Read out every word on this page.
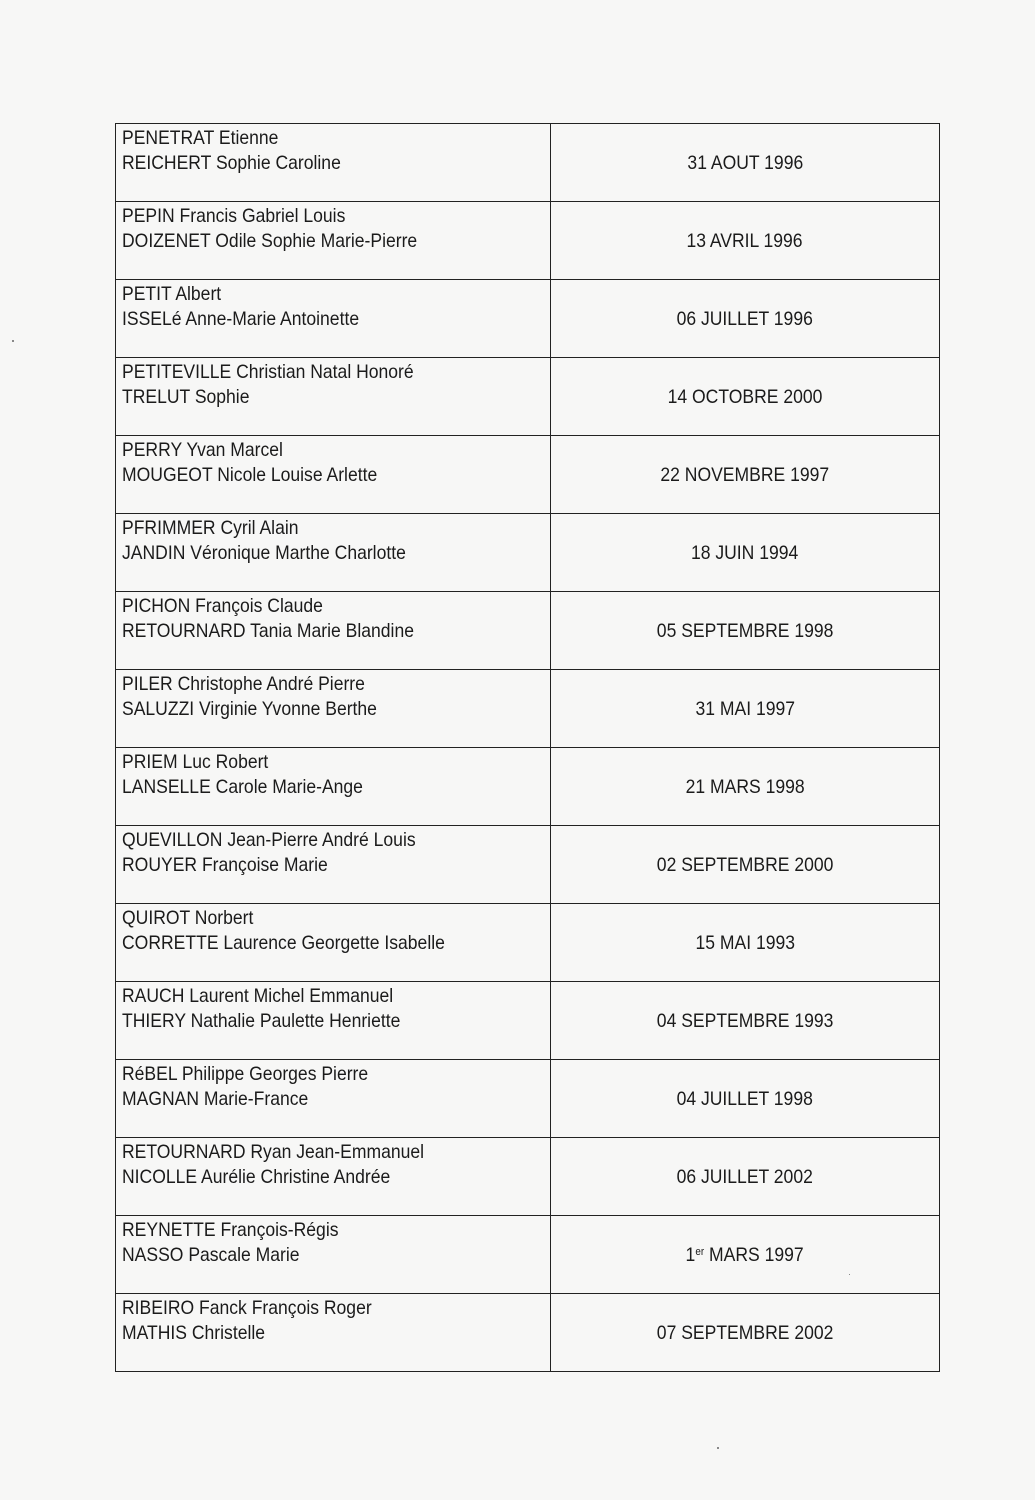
PENETRAT Etienne
REICHERT Sophie Caroline	31 AOUT 1996

PEPIN Francis Gabriel Louis
DOIZENET Odile Sophie Marie-Pierre	13 AVRIL 1996

PETIT Albert
ISSELé Anne-Marie Antoinette	06 JUILLET 1996

PETITEVILLE Christian Natal Honoré
TRELUT Sophie	14 OCTOBRE 2000

PERRY Yvan Marcel
MOUGEOT Nicole Louise Arlette	22 NOVEMBRE 1997

PFRIMMER Cyril Alain
JANDIN Véronique Marthe Charlotte	18 JUIN 1994

PICHON François Claude
RETOURNARD Tania Marie Blandine	05 SEPTEMBRE 1998

PILER Christophe André Pierre
SALUZZI Virginie Yvonne Berthe	31 MAI 1997

PRIEM Luc Robert
LANSELLE Carole Marie-Ange	21 MARS 1998

QUEVILLON Jean-Pierre André Louis
ROUYER Françoise Marie	02 SEPTEMBRE 2000

QUIROT Norbert
CORRETTE Laurence Georgette Isabelle	15 MAI 1993

RAUCH Laurent Michel Emmanuel
THIERY Nathalie Paulette Henriette	04 SEPTEMBRE 1993

RéBEL Philippe Georges Pierre
MAGNAN Marie-France	04 JUILLET 1998

RETOURNARD Ryan Jean-Emmanuel
NICOLLE Aurélie Christine Andrée	06 JUILLET 2002

REYNETTE François-Régis
NASSO Pascale Marie	1er MARS 1997

RIBEIRO Fanck François Roger
MATHIS Christelle	07 SEPTEMBRE 2002
